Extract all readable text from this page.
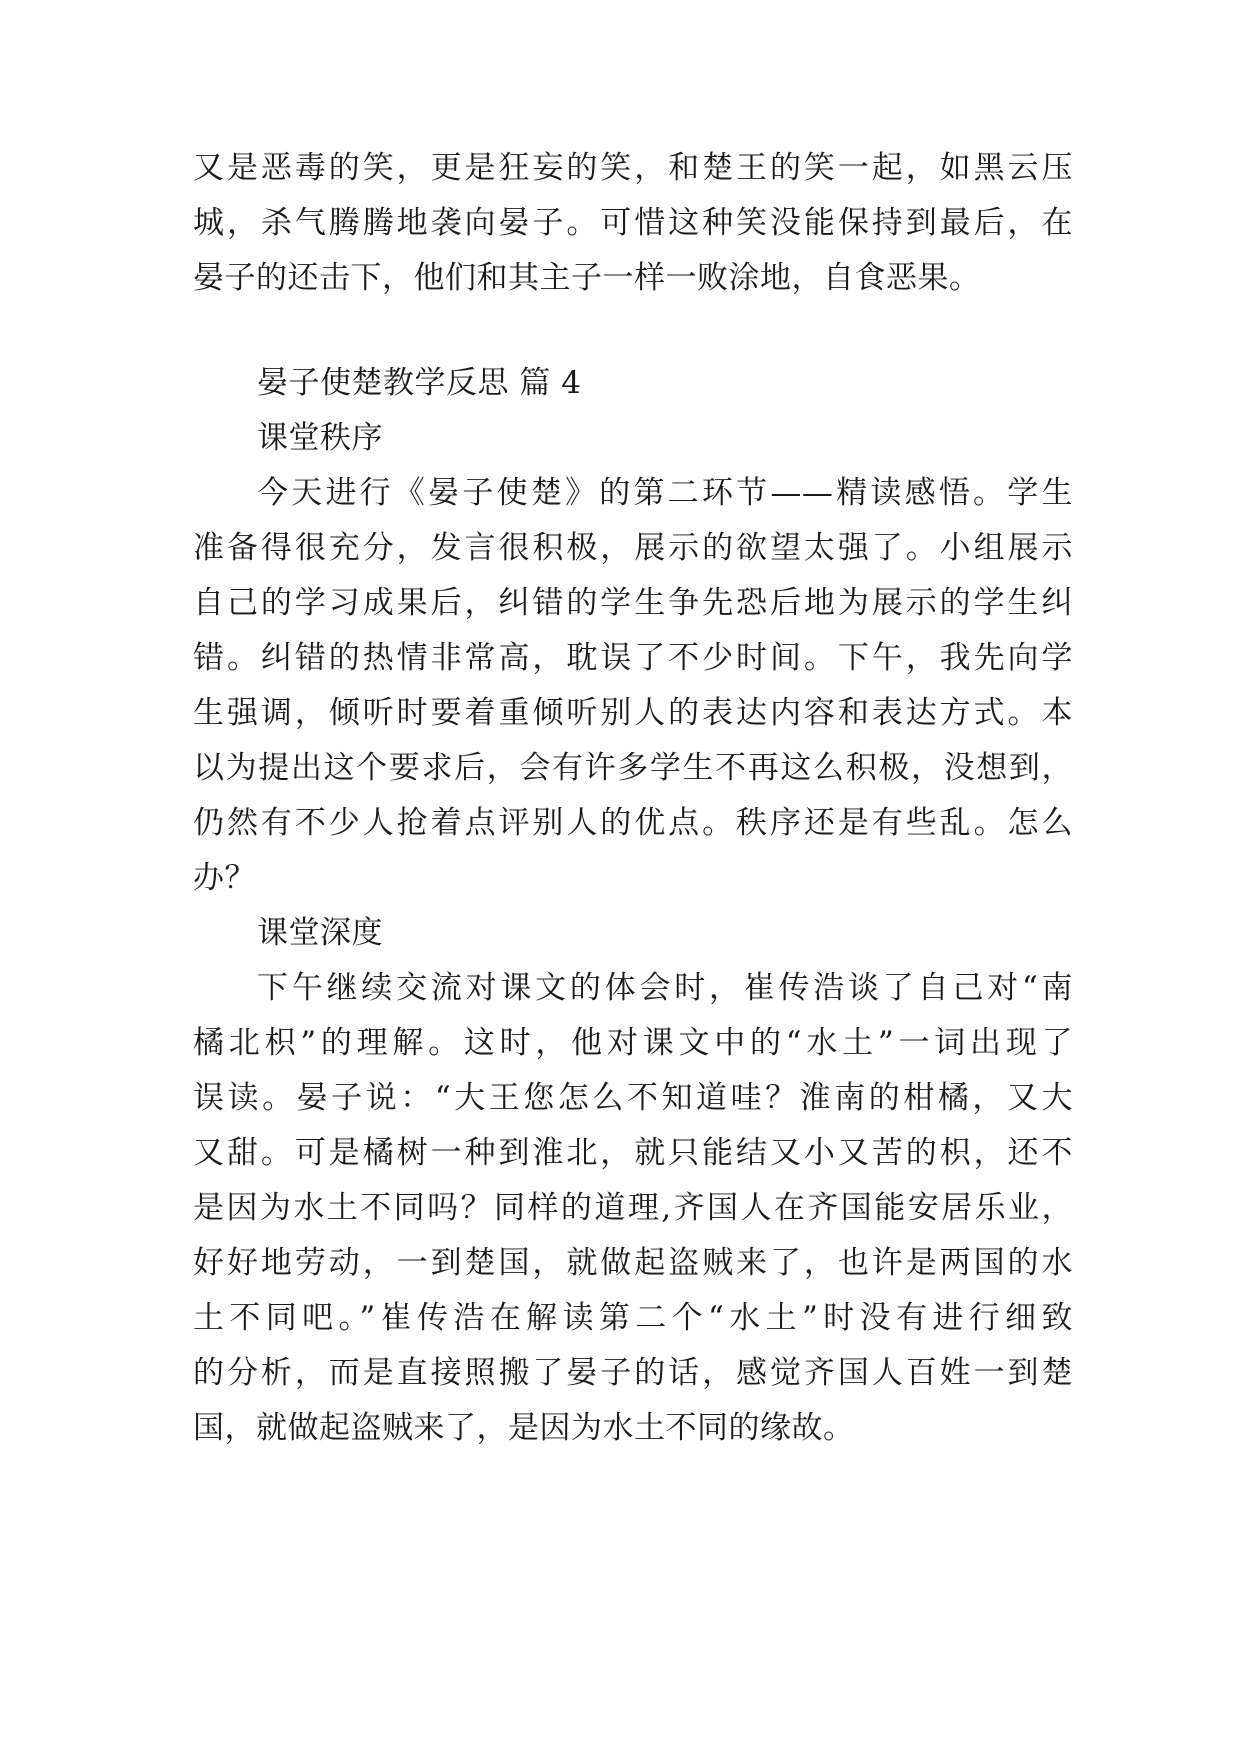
又是恶毒的笑，更是狂妄的笑，和楚王的笑一起，如黑云压
城，杀气腾腾地袭向晏子。可惜这种笑没能保持到最后，在
晏子的还击下，他们和其主子一样一败涂地，自食恶果。
晏子使楚教学反思 篇 4
课堂秩序
今天进行《晏子使楚》的第二环节——精读感悟。学生
准备得很充分，发言很积极，展示的欲望太强了。小组展示
自己的学习成果后，纠错的学生争先恐后地为展示的学生纠
错。纠错的热情非常高，耽误了不少时间。下午，我先向学
生强调，倾听时要着重倾听别人的表达内容和表达方式。本
以为提出这个要求后，会有许多学生不再这么积极，没想到，
仍然有不少人抢着点评别人的优点。秩序还是有些乱。怎么
办？
课堂深度
下午继续交流对课文的体会时，崔传浩谈了自己对“南
橘北枳”的理解。这时，他对课文中的“水土”一词出现了
误读。晏子说：“大王您怎么不知道哇？淮南的柑橘，又大
又甜。可是橘树一种到淮北，就只能结又小又苦的枳，还不
是因为水土不同吗？同样的道理,齐国人在齐国能安居乐业，
好好地劳动，一到楚国，就做起盗贼来了，也许是两国的水
土不同吧。”崔传浩在解读第二个“水土”时没有进行细致
的分析，而是直接照搬了晏子的话，感觉齐国人百姓一到楚
国，就做起盗贼来了，是因为水土不同的缘故。
